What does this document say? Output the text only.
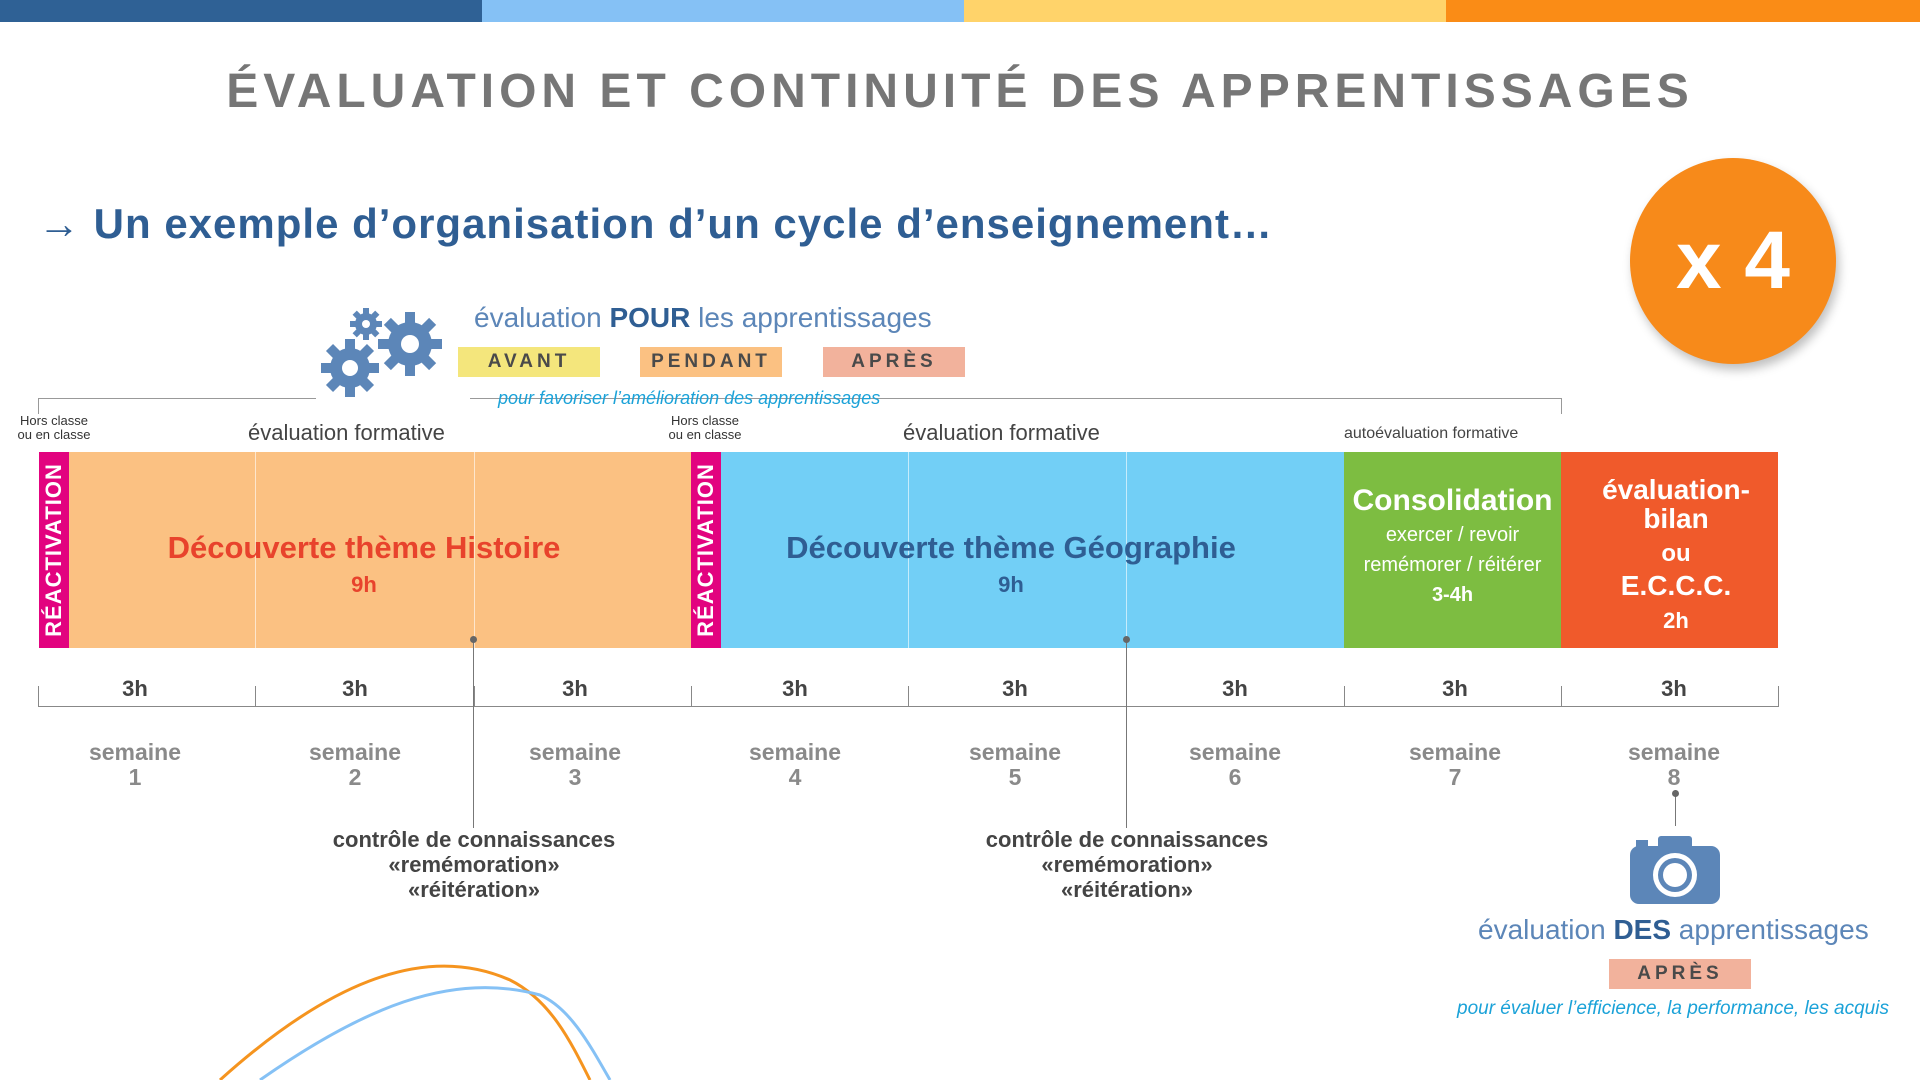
ÉVALUATION ET CONTINUITÉ DES APPRENTISSAGES
→ Un exemple d’organisation d’un cycle d’enseignement…	x 4
évaluation POUR les apprentissages
AVANT	PENDANT	APRÈS
pour favoriser l’amélioration des apprentissages
Hors classe
ou en classe
Hors classe
ou en classe
évaluation formative	évaluation formative	autoévaluation formative
RÉACTIVATION	Découverte thème Histoire
9h	RÉACTIVATION	Découverte thème Géographie
9h
Consolidation
exercer / revoir
remémorer / réitérer
3-4h
évaluation-
bilan
ou
E.C.C.C.
2h
3h	3h	3h	3h	3h	3h	3h	3h
semaine
1
semaine
2
semaine
3
semaine
4
semaine
5
semaine
6
semaine
7
semaine
8
contrôle de connaissances
«remémoration»
«réitération»
contrôle de connaissances
«remémoration»
«réitération»
évaluation DES apprentissages
APRÈS
pour évaluer l’efficience, la performance, les acquis
